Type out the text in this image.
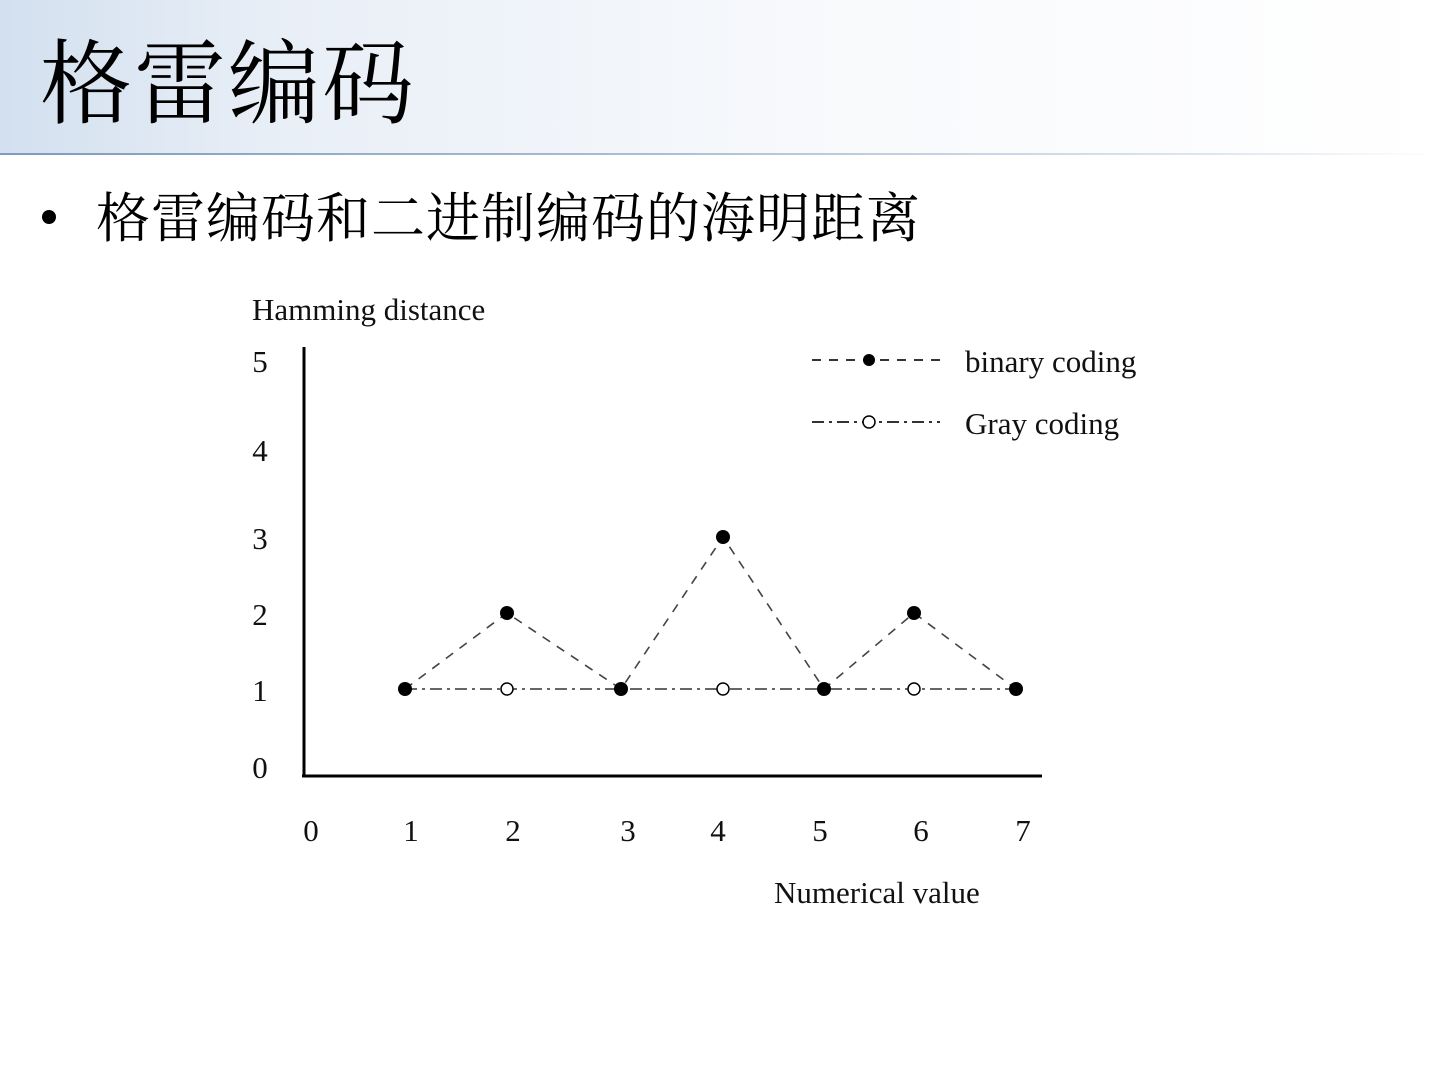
格雷编码
格雷编码和二进制编码的海明距离
Hamming distance
Numerical value
0
1
2
3
4
5
0	1	2	3 4	5	6	7
binary coding
Gray coding
